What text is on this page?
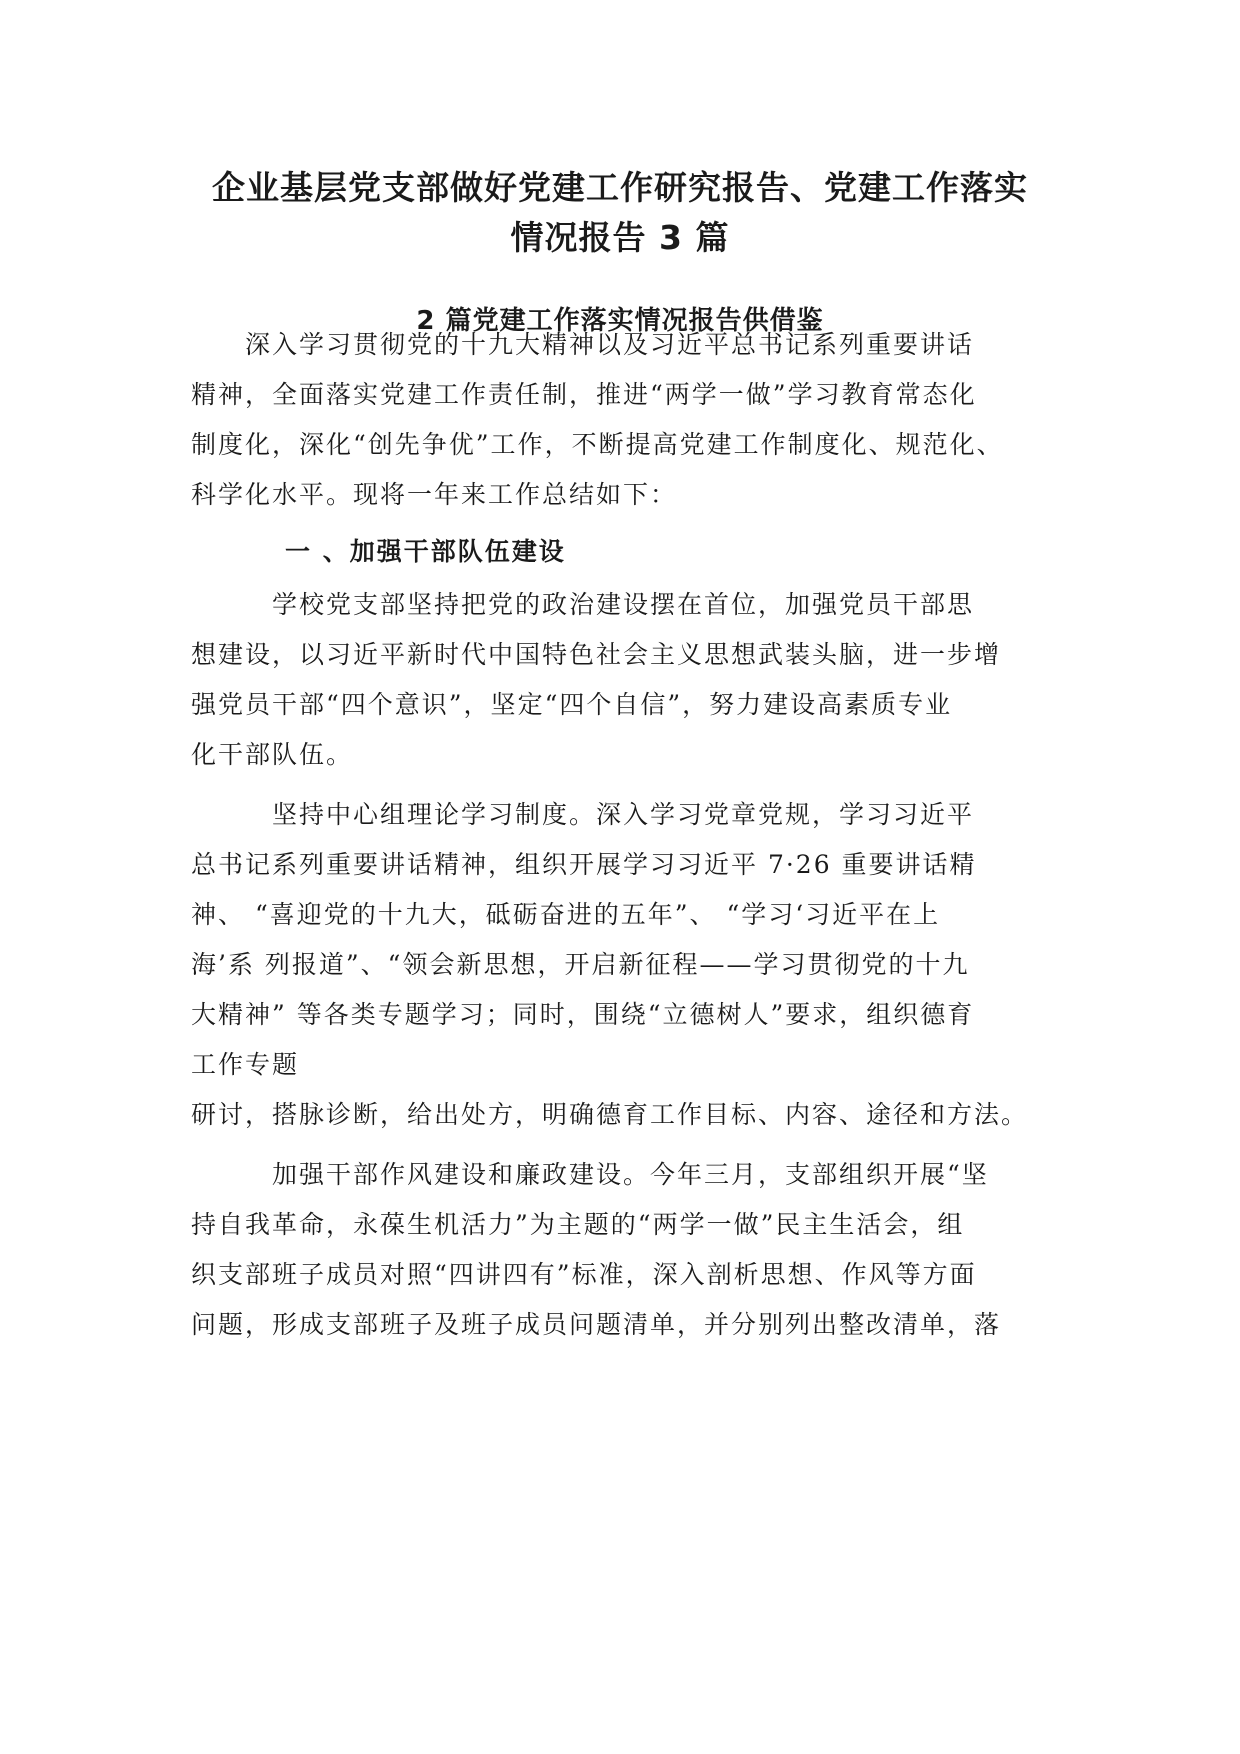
企业基层党支部做好党建工作研究报告、党建工作落实
情况报告 3 篇
2 篇党建工作落实情况报告供借鉴
　　深入学习贯彻党的十九大精神以及习近平总书记系列重要讲话
精神，全面落实党建工作责任制，推进“两学一做”学习教育常态化
制度化，深化“创先争优”工作，不断提高党建工作制度化、规范化、
科学化水平。现将一年来工作总结如下：
一 、加强干部队伍建设
　　　学校党支部坚持把党的政治建设摆在首位，加强党员干部思
想建设，以习近平新时代中国特色社会主义思想武装头脑，进一步增
强党员干部“四个意识”，坚定“四个自信”，努力建设高素质专业
化干部队伍。
　　　坚持中心组理论学习制度。深入学习党章党规，学习习近平
总书记系列重要讲话精神，组织开展学习习近平 7·26 重要讲话精
神、 “喜迎党的十九大，砥砺奋进的五年”、 “学习‘习近平在上
海’系 列报道”、“领会新思想，开启新征程——学习贯彻党的十九
大精神” 等各类专题学习；同时，围绕“立德树人”要求，组织德育
工作专题
研讨，搭脉诊断，给出处方，明确德育工作目标、内容、途径和方法。
　　　加强干部作风建设和廉政建设。今年三月，支部组织开展“坚
持自我革命，永葆生机活力”为主题的“两学一做”民主生活会，组
织支部班子成员对照“四讲四有”标准，深入剖析思想、作风等方面
问题，形成支部班子及班子成员问题清单，并分别列出整改清单，落
